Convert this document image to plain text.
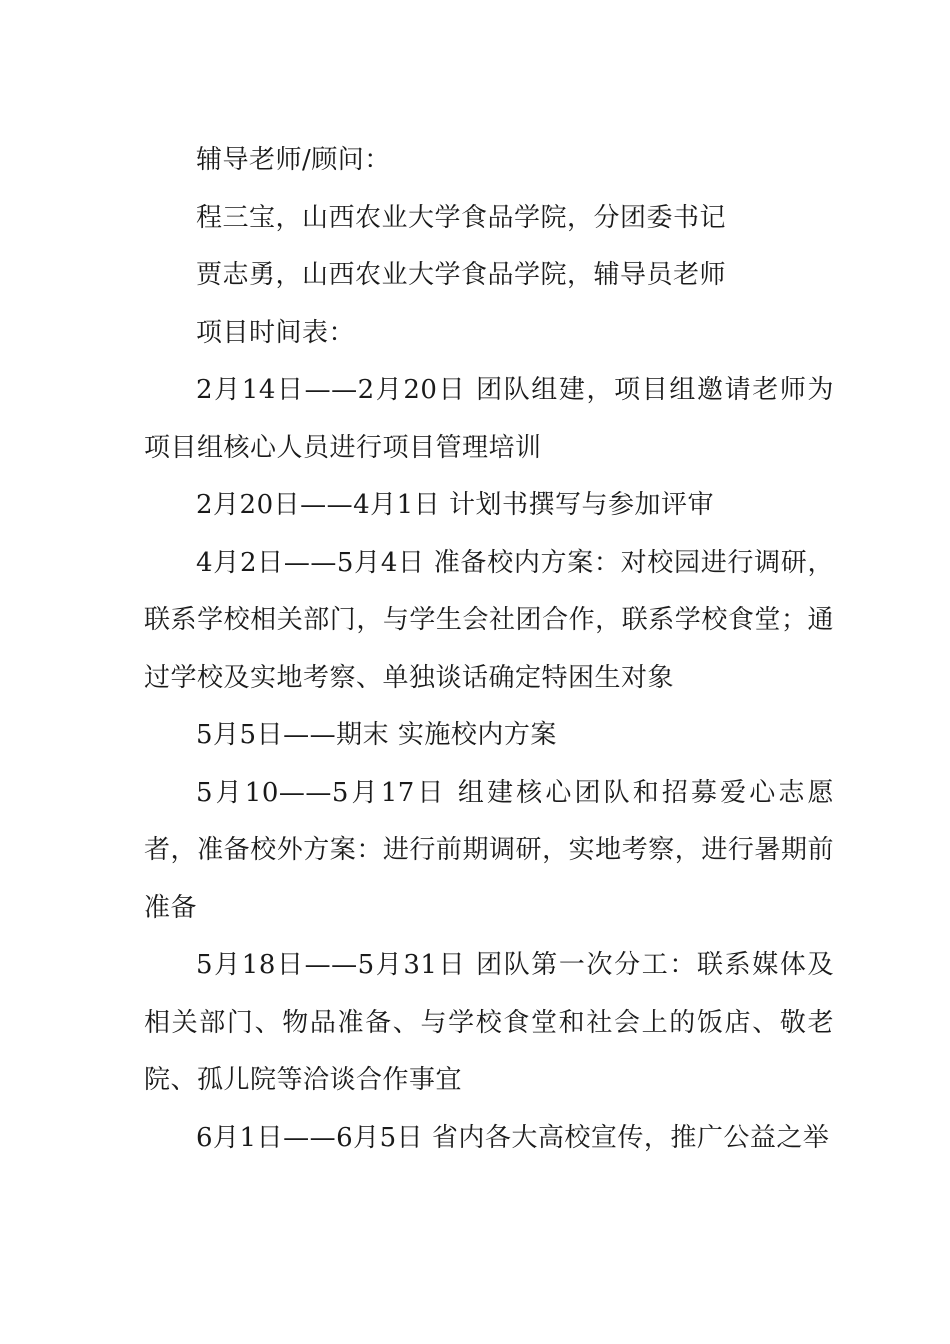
辅导老师/顾问：

程三宝，山西农业大学食品学院，分团委书记

贾志勇，山西农业大学食品学院，辅导员老师

项目时间表：

2月14日——2月20日 团队组建，项目组邀请老师为项目组核心人员进行项目管理培训

2月20日——4月1日 计划书撰写与参加评审

4月2日——5月4日 准备校内方案：对校园进行调研，联系学校相关部门，与学生会社团合作，联系学校食堂；通过学校及实地考察、单独谈话确定特困生对象

5月5日——期末 实施校内方案

5月10——5月17日 组建核心团队和招募爱心志愿者，准备校外方案：进行前期调研，实地考察，进行暑期前准备

5月18日——5月31日 团队第一次分工：联系媒体及相关部门、物品准备、与学校食堂和社会上的饭店、敬老院、孤儿院等洽谈合作事宜

6月1日——6月5日 省内各大高校宣传，推广公益之举
